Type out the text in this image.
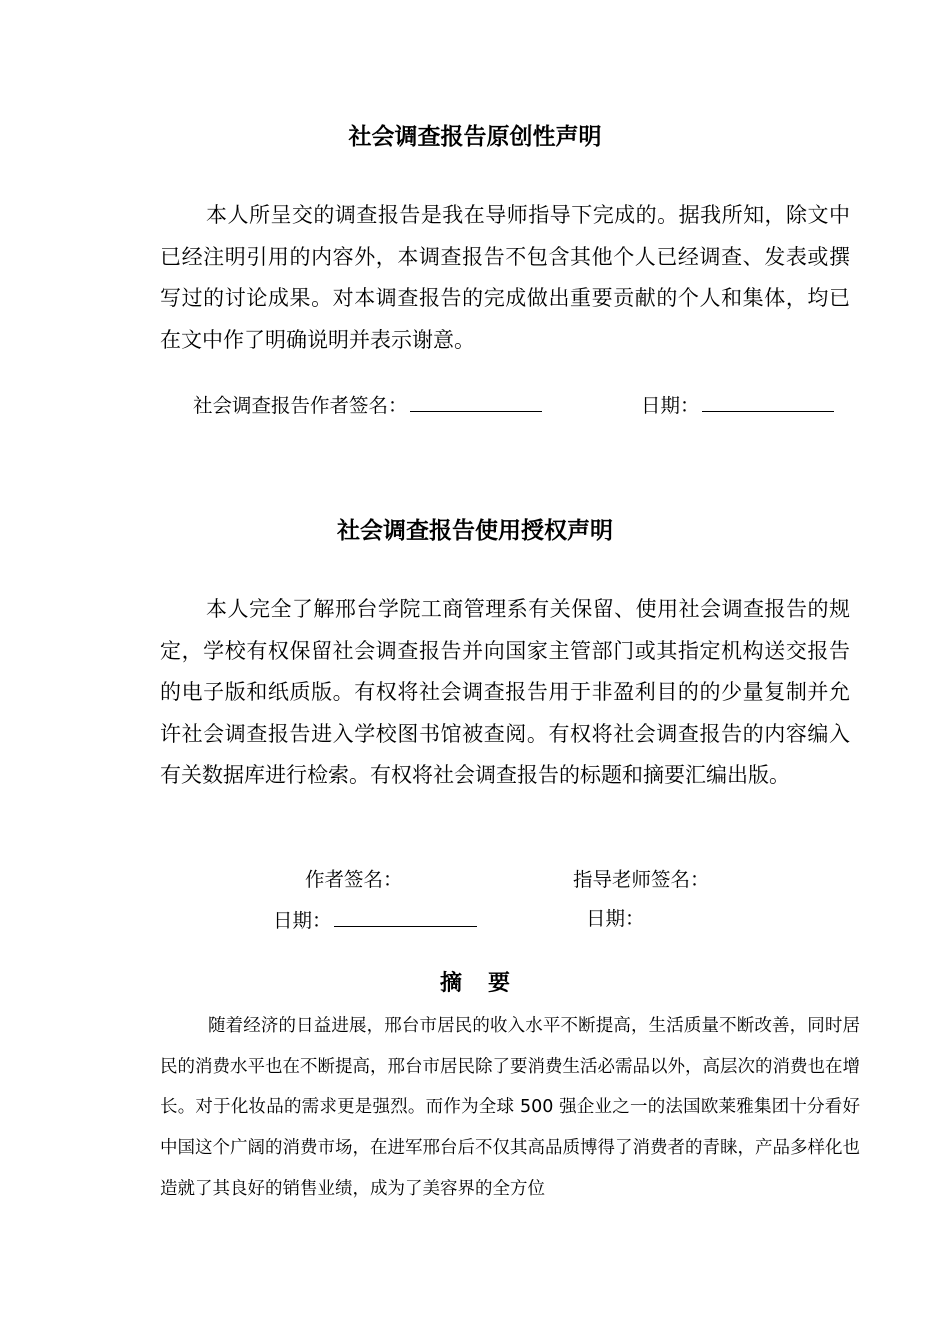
社会调查报告原创性声明

本人所呈交的调查报告是我在导师指导下完成的。据我所知，除文中已经注明引用的内容外，本调查报告不包含其他个人已经调查、发表或撰写过的讨论成果。对本调查报告的完成做出重要贡献的个人和集体，均已在文中作了明确说明并表示谢意。

社会调查报告作者签名：	日期：
社会调查报告使用授权声明

本人完全了解邢台学院工商管理系有关保留、使用社会调查报告的规定，学校有权保留社会调查报告并向国家主管部门或其指定机构送交报告的电子版和纸质版。有权将社会调查报告用于非盈利目的的少量复制并允许社会调查报告进入学校图书馆被查阅。有权将社会调查报告的内容编入有关数据库进行检索。有权将社会调查报告的标题和摘要汇编出版。

作者签名：	指导老师签名：
日期：	日期：
摘 要

随着经济的日益进展，邢台市居民的收入水平不断提高，生活质量不断改善，同时居民的消费水平也在不断提高，邢台市居民除了要消费生活必需品以外，高层次的消费也在增长。对于化妆品的需求更是强烈。而作为全球 500 强企业之一的法国欧莱雅集团十分看好中国这个广阔的消费市场，在进军邢台后不仅其高品质博得了消费者的青睐，产品多样化也造就了其良好的销售业绩，成为了美容界的全方位
